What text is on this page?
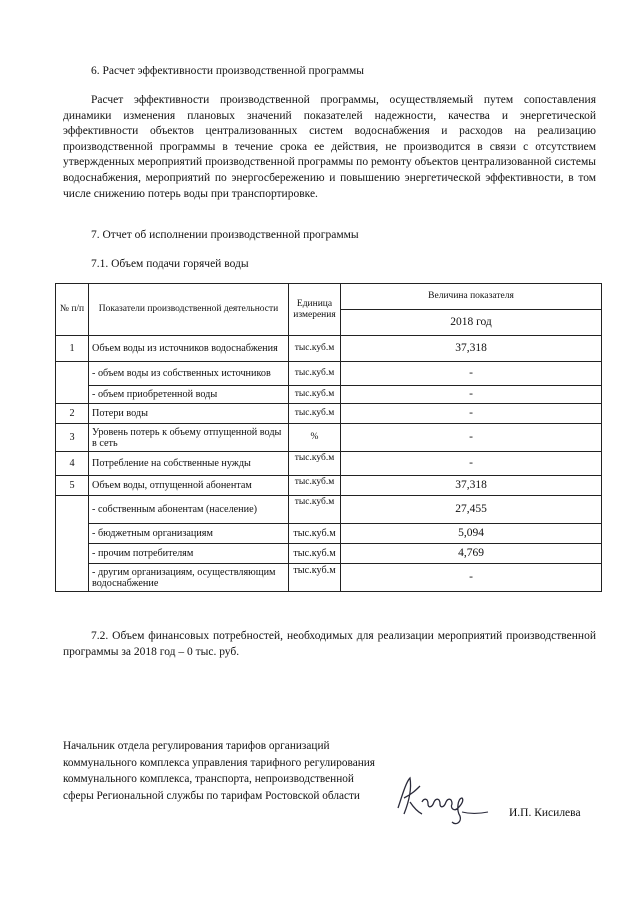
6. Расчет эффективности производственной программы

Расчет эффективности производственной программы, осуществляемый путем сопоставления динамики изменения плановых значений показателей надежности, качества и энергетической эффективности объектов централизованных систем водоснабжения и расходов на реализацию производственной программы в течение срока ее действия, не производится в связи с отсутствием утвержденных мероприятий производственной программы по ремонту объектов централизованной системы водоснабжения, мероприятий по энергосбережению и повышению энергетической эффективности, в том числе снижению потерь воды при транспортировке.

7. Отчет об исполнении производственной программы
7.1. Объем подачи горячей воды
№ п/п	Показатели производственной деятельности	Единица измерения	Величина показателя
			2018 год
1	Объем воды из источников водоснабжения	тыс.куб.м	37,318
	- объем воды из собственных источников	тыс.куб.м	-
	- объем приобретенной воды	тыс.куб.м	-
2	Потери воды	тыс.куб.м	-
3	Уровень потерь к объему отпущенной воды в сеть	%	-
4	Потребление на собственные нужды	тыс.куб.м	-
5	Объем воды, отпущенной абонентам	тыс.куб.м	37,318
	- собственным абонентам (население)	тыс.куб.м	27,455
	- бюджетным организациям	тыс.куб.м	5,094
	- прочим потребителям	тыс.куб.м	4,769
	- другим организациям, осуществляющим водоснабжение	тыс.куб.м	-

7.2. Объем финансовых потребностей, необходимых для реализации мероприятий производственной программы за 2018 год – 0 тыс. руб.

Начальник отдела регулирования тарифов организаций коммунального комплекса управления тарифного регулирования коммунального комплекса, транспорта, непроизводственной сферы Региональной службы по тарифам Ростовской области

И.П. Кисилева
